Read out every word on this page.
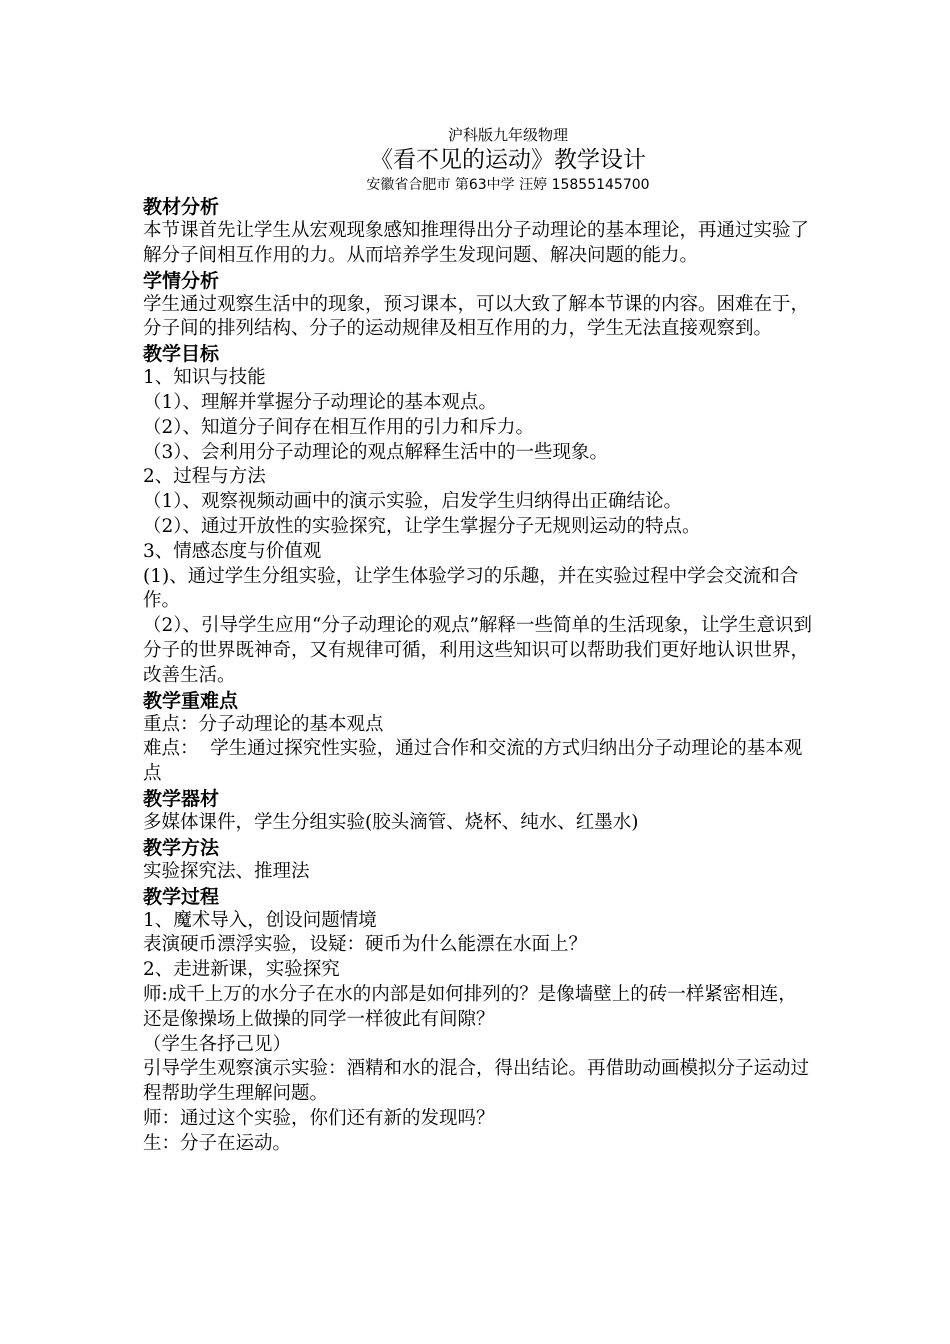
沪科版九年级物理
《看不见的运动》教学设计
安徽省合肥市 第63中学 汪婷 15855145700
教材分析
本节课首先让学生从宏观现象感知推理得出分子动理论的基本理论，再通过实验了解分子间相互作用的力。从而培养学生发现问题、解决问题的能力。
学情分析
学生通过观察生活中的现象，预习课本，可以大致了解本节课的内容。困难在于，分子间的排列结构、分子的运动规律及相互作用的力，学生无法直接观察到。
教学目标
1、知识与技能
（1）、理解并掌握分子动理论的基本观点。
（2）、知道分子间存在相互作用的引力和斥力。
（3）、会利用分子动理论的观点解释生活中的一些现象。
2、过程与方法
（1）、观察视频动画中的演示实验，启发学生归纳得出正确结论。
（2）、通过开放性的实验探究，让学生掌握分子无规则运动的特点。
3、情感态度与价值观
(1)、通过学生分组实验，让学生体验学习的乐趣，并在实验过程中学会交流和合作。
（2）、引导学生应用“分子动理论的观点”解释一些简单的生活现象，让学生意识到分子的世界既神奇，又有规律可循，利用这些知识可以帮助我们更好地认识世界，改善生活。
教学重难点
重点：分子动理论的基本观点
难点：  学生通过探究性实验，通过合作和交流的方式归纳出分子动理论的基本观点
教学器材
多媒体课件，学生分组实验(胶头滴管、烧杯、纯水、红墨水)
教学方法
实验探究法、推理法
教学过程
1、魔术导入，创设问题情境
表演硬币漂浮实验，设疑：硬币为什么能漂在水面上？
2、走进新课，实验探究
师:成千上万的水分子在水的内部是如何排列的？是像墙壁上的砖一样紧密相连，还是像操场上做操的同学一样彼此有间隙？
（学生各抒己见）
引导学生观察演示实验：酒精和水的混合，得出结论。再借助动画模拟分子运动过程帮助学生理解问题。
师：通过这个实验，你们还有新的发现吗？
生：分子在运动。
